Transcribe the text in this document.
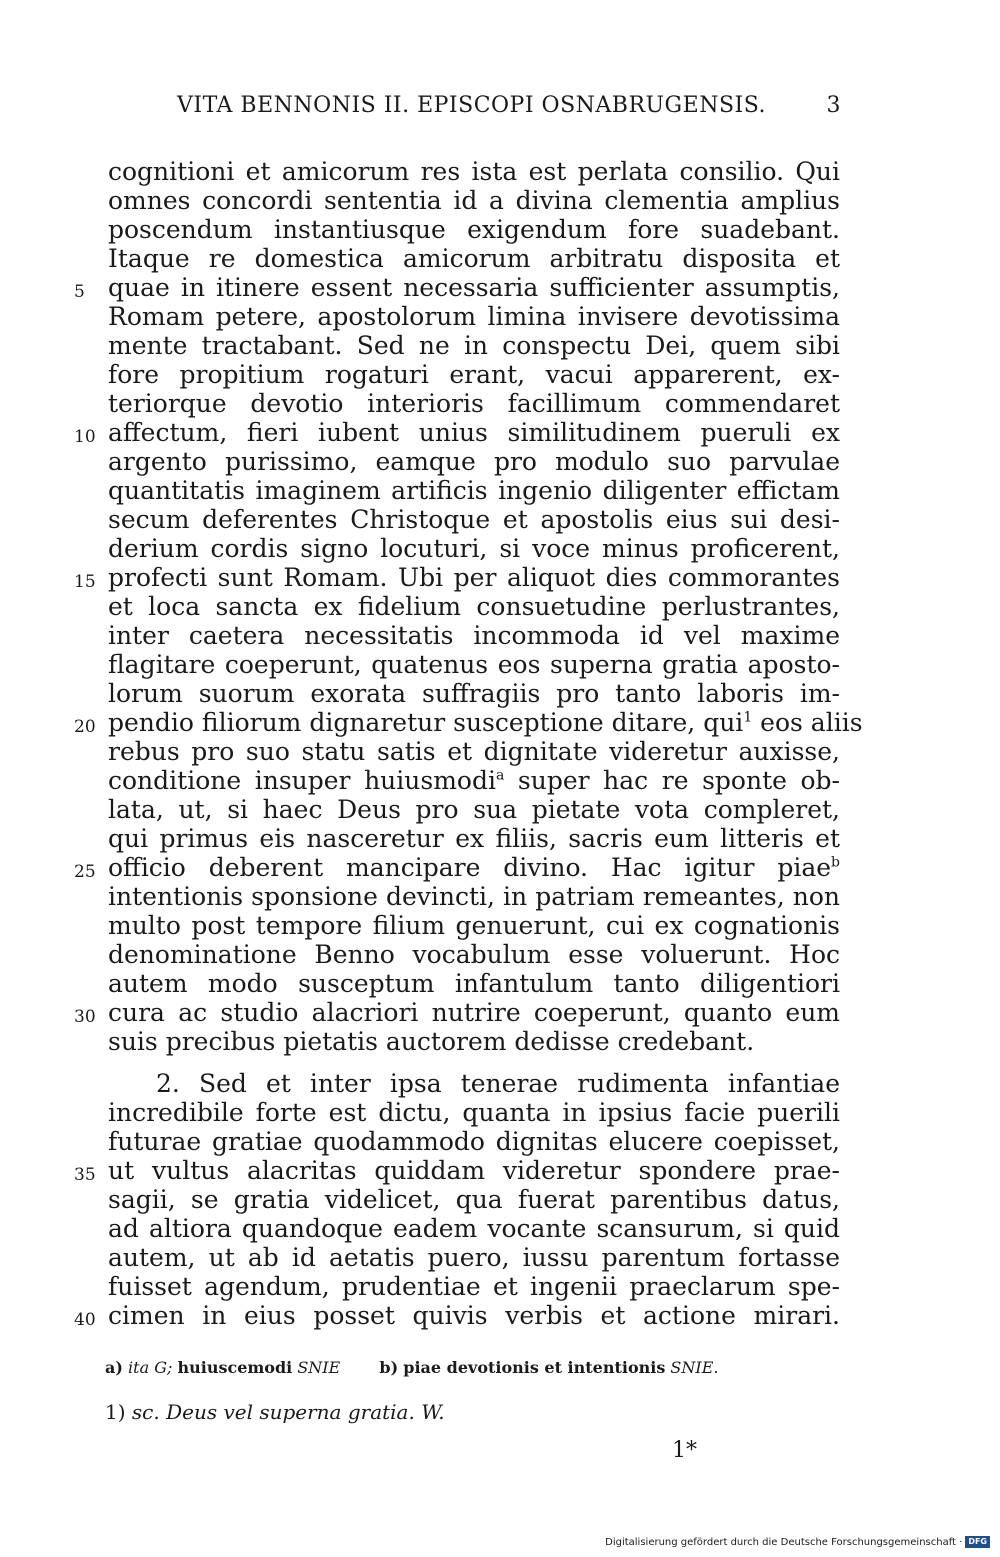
VITA BENNONIS II. EPISCOPI OSNABRUGENSIS.	3
cognitioni et amicorum res ista est perlata consilio. Qui
omnes concordi sententia id a divina clementia amplius
poscendum instantiusque exigendum fore suadebant.
Itaque re domestica amicorum arbitratu disposita et
5 quae in itinere essent necessaria sufficienter assumptis,
Romam petere, apostolorum limina invisere devotissima
mente tractabant. Sed ne in conspectu Dei, quem sibi
fore propitium rogaturi erant, vacui apparerent, ex-
teriorque devotio interioris facillimum commendaret
10 affectum, fieri iubent unius similitudinem pueruli ex
argento purissimo, eamque pro modulo suo parvulae
quantitatis imaginem artificis ingenio diligenter effictam
secum deferentes Christoque et apostolis eius sui desi-
derium cordis signo locuturi, si voce minus proficerent,
15 profecti sunt Romam. Ubi per aliquot dies commorantes
et loca sancta ex fidelium consuetudine perlustrantes,
inter caetera necessitatis incommoda id vel maxime
flagitare coeperunt, quatenus eos superna gratia aposto-
lorum suorum exorata suffragiis pro tanto laboris im-
20 pendio filiorum dignaretur susceptione ditare, qui$^1$ eos aliis
rebus pro suo statu satis et dignitate videretur auxisse,
conditione insuper huiusmodi$^a$ super hac re sponte ob-
lata, ut, si haec Deus pro sua pietate vota compleret,
qui primus eis nasceretur ex filiis, sacris eum litteris et
25 officio deberent mancipare divino. Hac igitur piae$^b$
intentionis sponsione devincti, in patriam remeantes, non
multo post tempore filium genuerunt, cui ex cognationis
denominatione Benno vocabulum esse voluerunt. Hoc
autem modo susceptum infantulum tanto diligentiori
30 cura ac studio alacriori nutrire coeperunt, quanto eum
suis precibus pietatis auctorem dedisse credebant.
2. Sed et inter ipsa tenerae rudimenta infantiae
incredibile forte est dictu, quanta in ipsius facie puerili
futurae gratiae quodammodo dignitas elucere coepisset,
35 ut vultus alacritas quiddam videretur spondere prae-
sagii, se gratia videlicet, qua fuerat parentibus datus,
ad altiora quandoque eadem vocante scansurum, si quid
autem, ut ab id aetatis puero, iussu parentum fortasse
fuisset agendum, prudentiae et ingenii praeclarum spe-
40 cimen in eius posset quivis verbis et actione mirari.
a) ita G; huiuscemodi SNIE b) piae devotionis et intentionis SNIE.
1) sc. Deus vel superna gratia. W.
1*
Digitalisierung gefördert durch die Deutsche Forschungsgemeinschaft · DFG
